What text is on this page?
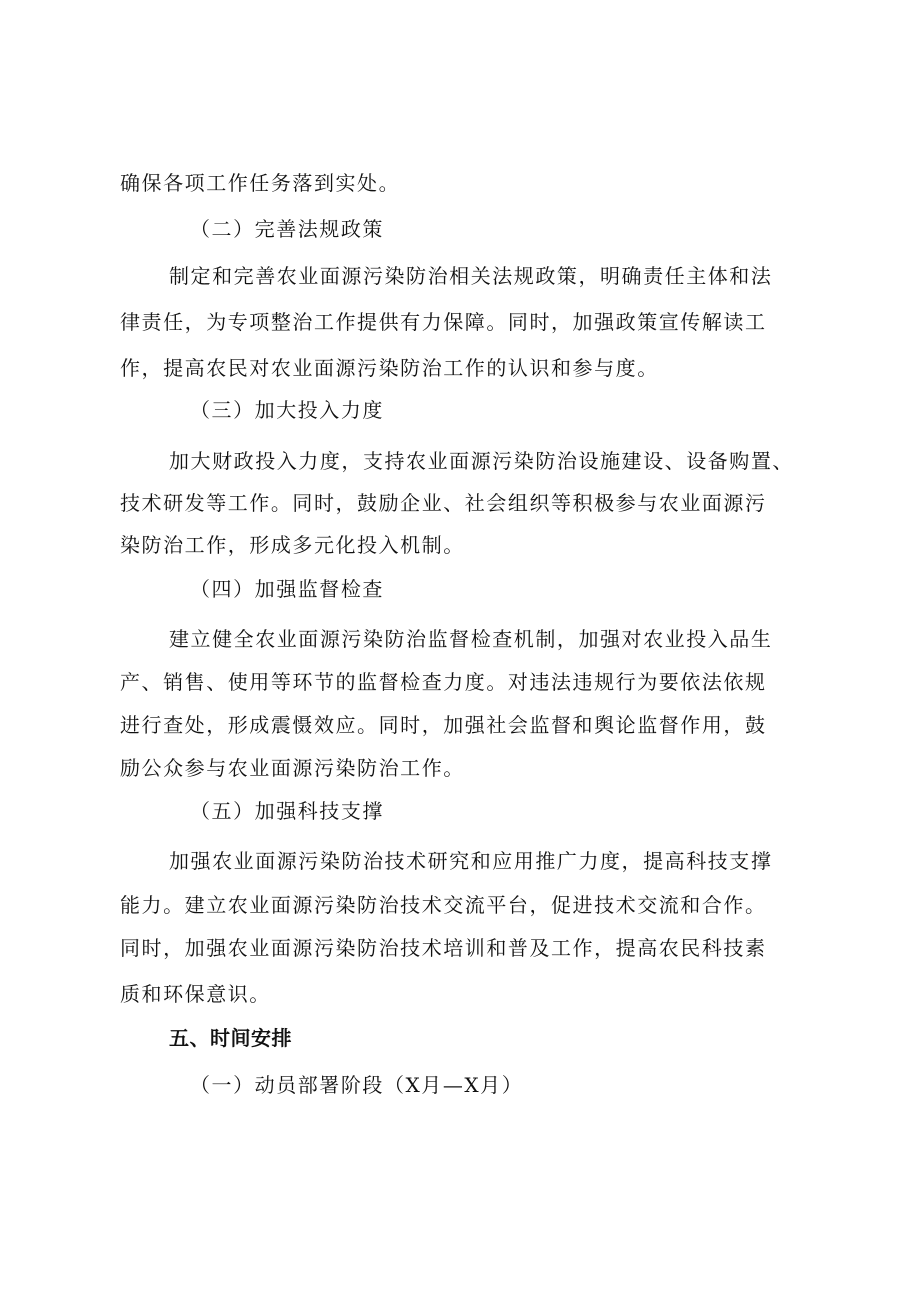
确保各项工作任务落到实处。
（二）完善法规政策
制定和完善农业面源污染防治相关法规政策，明确责任主体和法
律责任，为专项整治工作提供有力保障。同时，加强政策宣传解读工
作，提高农民对农业面源污染防治工作的认识和参与度。
（三）加大投入力度
加大财政投入力度，支持农业面源污染防治设施建设、设备购置、
技术研发等工作。同时，鼓励企业、社会组织等积极参与农业面源污
染防治工作，形成多元化投入机制。
（四）加强监督检查
建立健全农业面源污染防治监督检查机制，加强对农业投入品生
产、销售、使用等环节的监督检查力度。对违法违规行为要依法依规
进行查处，形成震慑效应。同时，加强社会监督和舆论监督作用，鼓
励公众参与农业面源污染防治工作。
（五）加强科技支撑
加强农业面源污染防治技术研究和应用推广力度，提高科技支撑
能力。建立农业面源污染防治技术交流平台，促进技术交流和合作。
同时，加强农业面源污染防治技术培训和普及工作，提高农民科技素
质和环保意识。
五、时间安排
（一）动员部署阶段（X月—X月）
